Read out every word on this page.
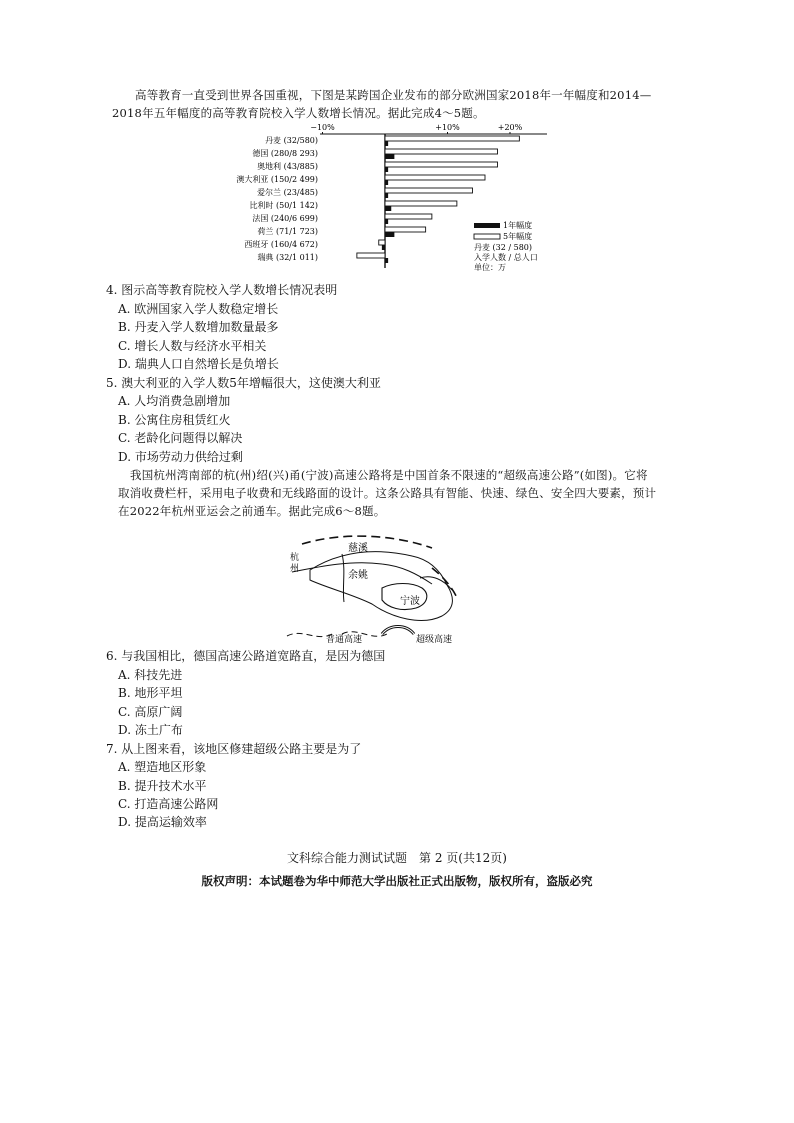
高等教育一直受到世界各国重视，下图是某跨国企业发布的部分欧洲国家2018年一年幅度和2014—2018年五年幅度的高等教育院校入学人数增长情况。据此完成4～5题。

−10%	+10%	+20%
丹麦 (32/580)
德国 (280/8 293)
奥地利 (43/885)
澳大利亚 (150/2 499)
爱尔兰 (23/485)
比利时 (50/1 142)
法国 (240/6 699)
荷兰 (71/1 723)
西班牙 (160/4 672)
瑞典 (32/1 011)
1年幅度
5年幅度
丹麦 (32 / 580)
入学人数 / 总人口
单位：万

4. 图示高等教育院校入学人数增长情况表明

A. 欧洲国家入学人数稳定增长

B. 丹麦入学人数增加数量最多

C. 增长人数与经济水平相关

D. 瑞典人口自然增长是负增长

5. 澳大利亚的入学人数5年增幅很大，这使澳大利亚

A. 人均消费急剧增加

B. 公寓住房租赁红火

C. 老龄化问题得以解决

D. 市场劳动力供给过剩

我国杭州湾南部的杭(州)绍(兴)甬(宁波)高速公路将是中国首条不限速的“超级高速公路”(如图)。它将取消收费栏杆，采用电子收费和无线路面的设计。这条公路具有智能、快速、绿色、安全四大要素，预计在2022年杭州亚运会之前通车。据此完成6～8题。

慈溪
余姚
宁波
杭
州
普通高速	超级高速

6. 与我国相比，德国高速公路道宽路直，是因为德国

A. 科技先进

B. 地形平坦

C. 高原广阔

D. 冻土广布

7. 从上图来看，该地区修建超级公路主要是为了

A. 塑造地区形象

B. 提升技术水平

C. 打造高速公路网

D. 提高运输效率

文科综合能力测试试题　第 2 页(共12页)
版权声明：本试题卷为华中师范大学出版社正式出版物，版权所有，盗版必究
